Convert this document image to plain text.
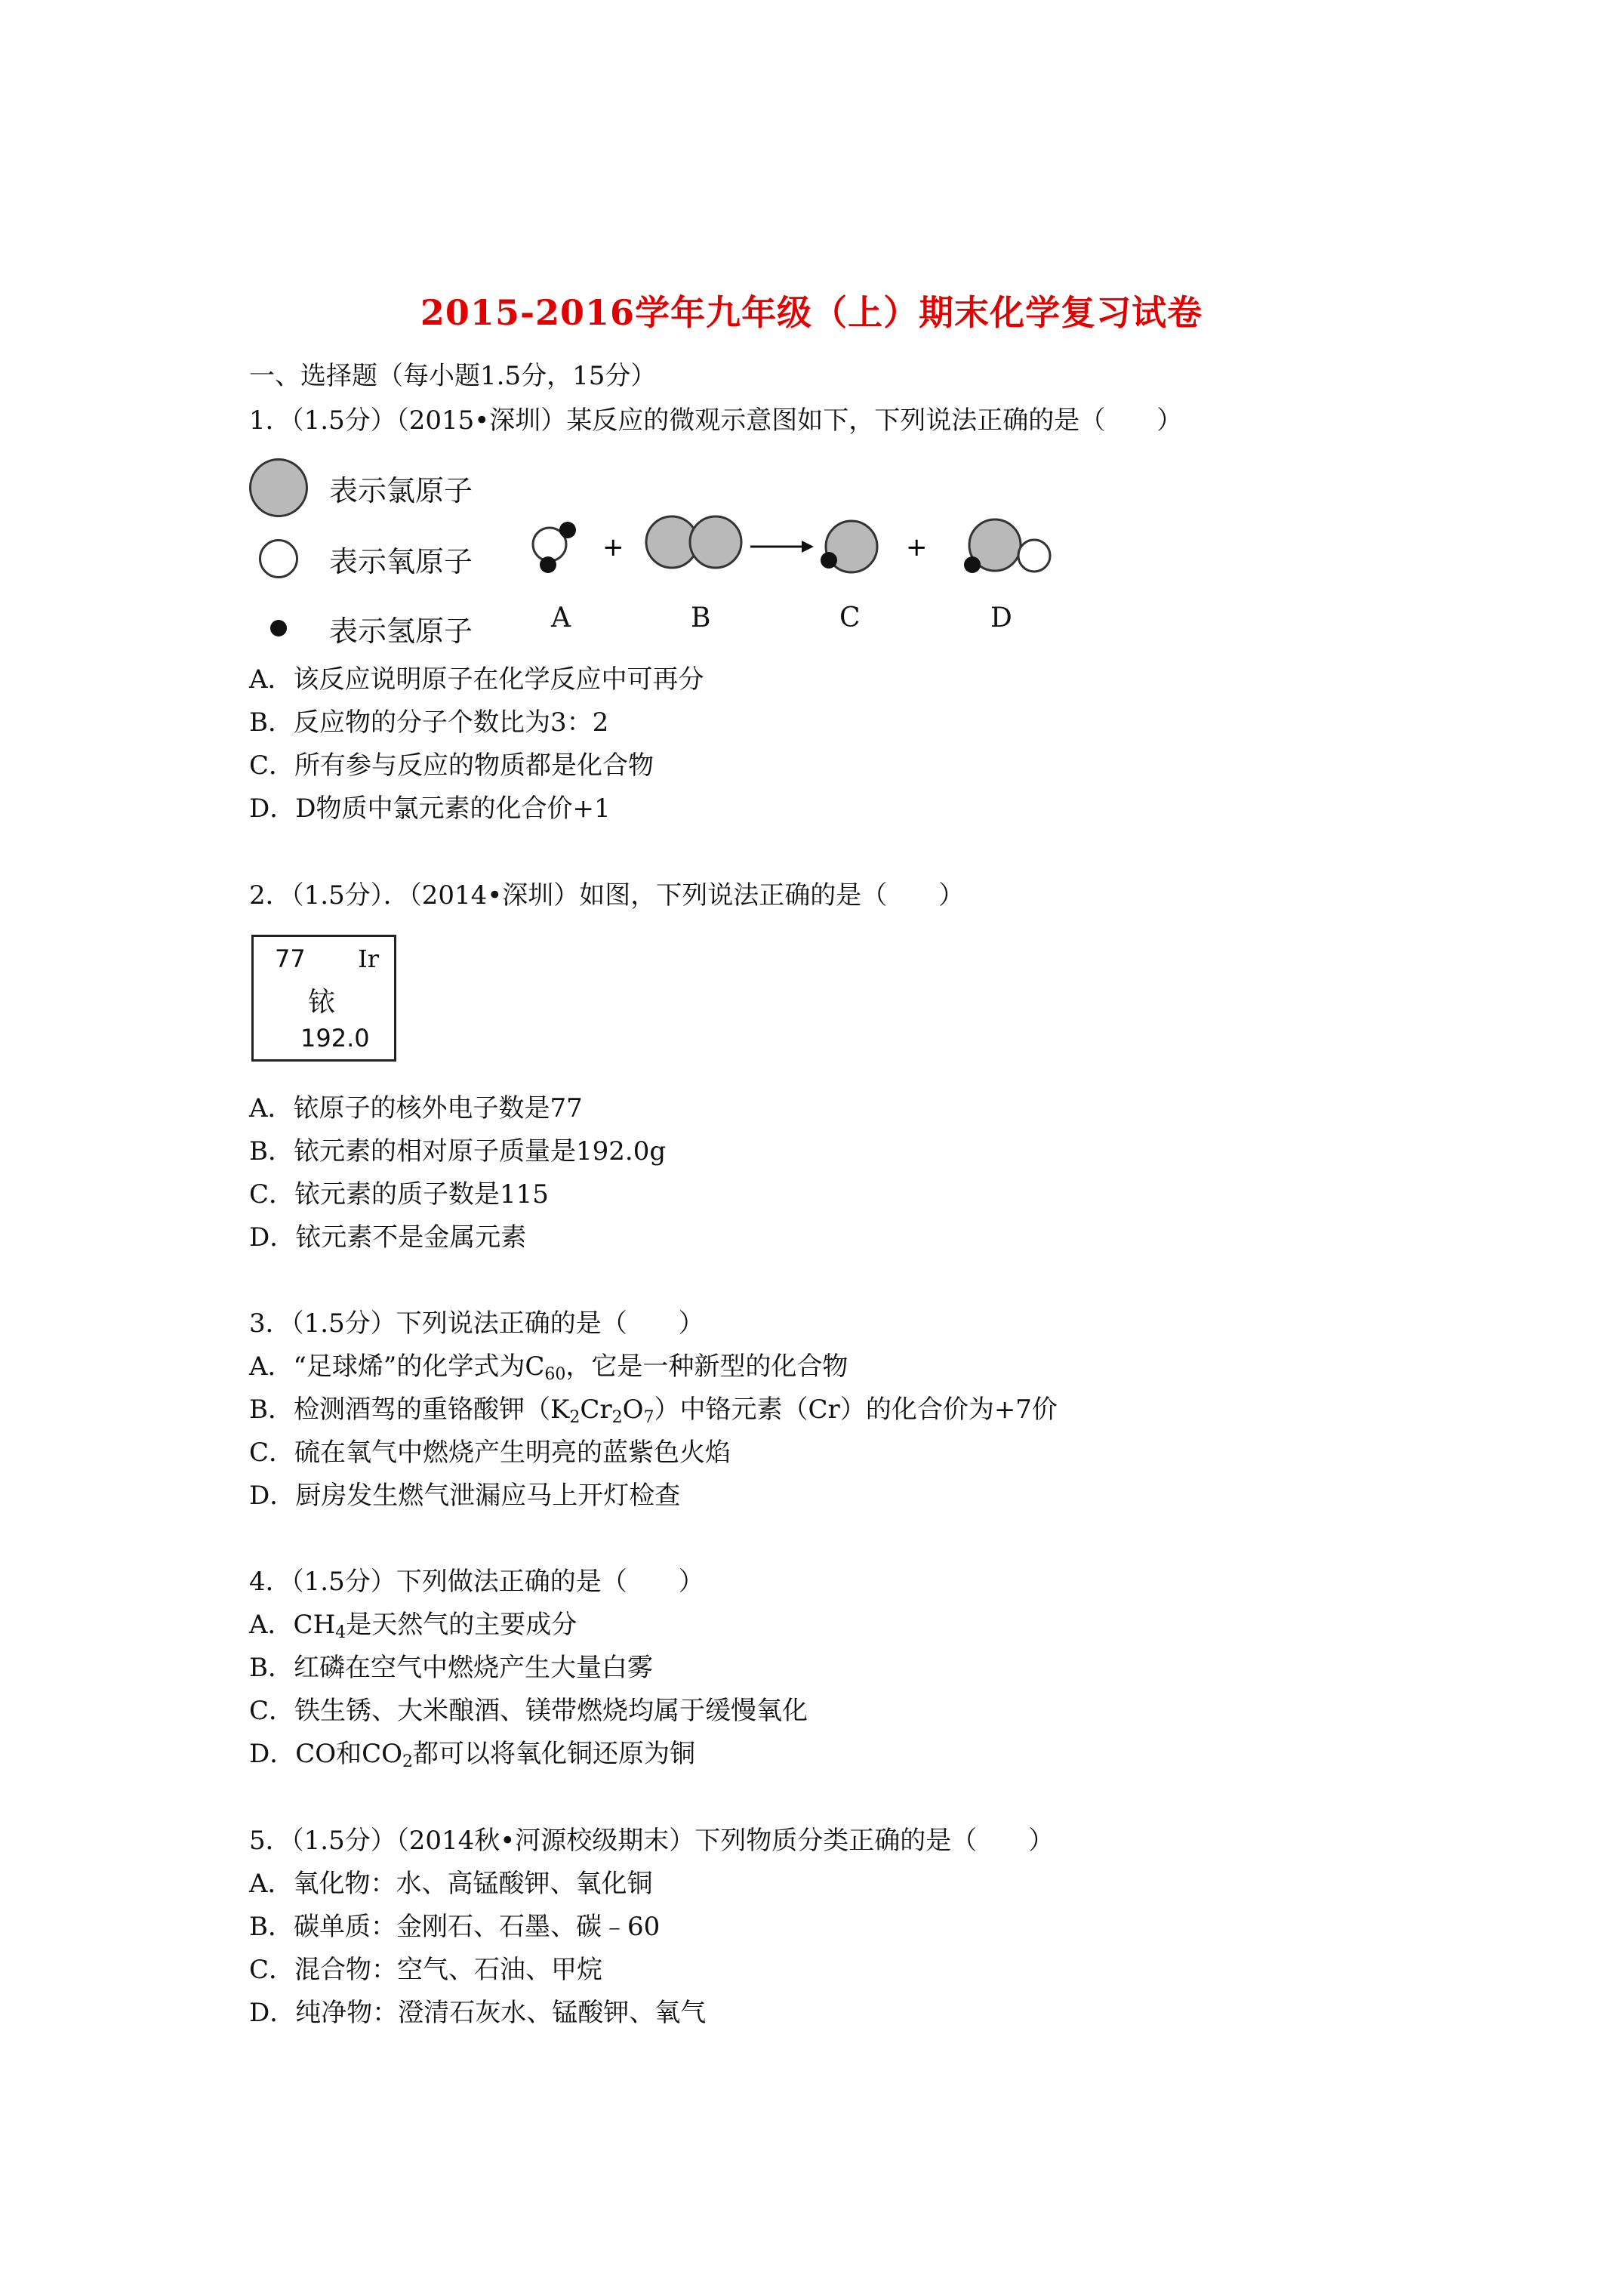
2015-2016学年九年级（上）期末化学复习试卷
一、选择题（每小题1.5分，15分）
1．（1.5分）（2015•深圳）某反应的微观示意图如下，下列说法正确的是（　　）
表示氯原子
表示氧原子
表示氢原子
+	+
A	B	C	D
A．该反应说明原子在化学反应中可再分
B．反应物的分子个数比为3：2
C．所有参与反应的物质都是化合物
D．D物质中氯元素的化合价+1
2．（1.5分）．（2014•深圳）如图，下列说法正确的是（　　）
77 Ir
铱
192.0
A．铱原子的核外电子数是77
B．铱元素的相对原子质量是192.0g
C．铱元素的质子数是115
D．铱元素不是金属元素
3．（1.5分）下列说法正确的是（　　）
A．“足球烯”的化学式为$C_{60}$，它是一种新型的化合物
B．检测酒驾的重铬酸钾$(K_2Cr_2O_7)$中铬元素（Cr）的化合价为+7价
C．硫在氧气中燃烧产生明亮的蓝紫色火焰
D．厨房发生燃气泄漏应马上开灯检查
4．（1.5分）下列做法正确的是（　　）
A．$CH_4$是天然气的主要成分
B．红磷在空气中燃烧产生大量白雾
C．铁生锈、大米酿酒、镁带燃烧均属于缓慢氧化
D．CO和$CO_2$都可以将氧化铜还原为铜
5．（1.5分）（2014秋•河源校级期末）下列物质分类正确的是（　　）
A．氧化物：水、高锰酸钾、氧化铜
B．碳单质：金刚石、石墨、碳﹣60
C．混合物：空气、石油、甲烷
D．纯净物：澄清石灰水、锰酸钾、氧气
